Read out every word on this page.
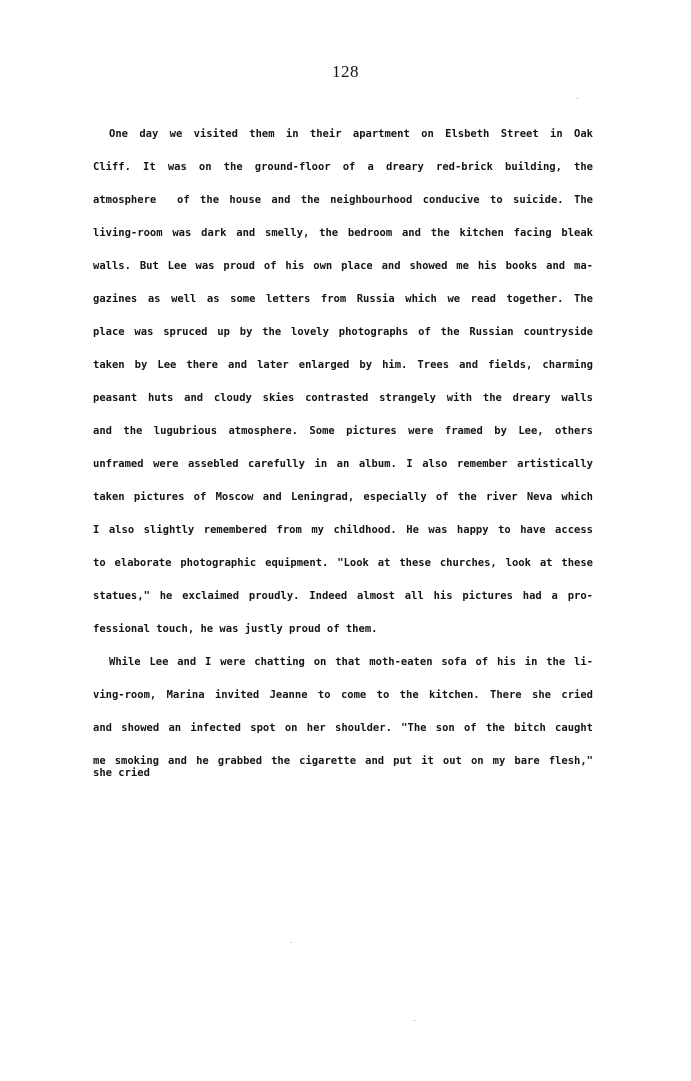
128
One day we visited them in their apartment on Elsbeth Street in Oak
Cliff. It was on the ground-floor of a dreary red-brick building, the
atmosphere  of the house and the neighbourhood conducive to suicide. The
living-room was dark and smelly, the bedroom and the kitchen facing bleak
walls. But Lee was proud of his own place and showed me his books and ma-
gazines as well as some letters from Russia which we read together. The
place was spruced up by the lovely photographs of the Russian countryside
taken by Lee there and later enlarged by him. Trees and fields, charming
peasant huts and cloudy skies contrasted strangely with the dreary walls
and the lugubrious atmosphere. Some pictures were framed by Lee, others
unframed were assebled carefully in an album. I also remember artistically
taken pictures of Moscow and Leningrad, especially of the river Neva which
I also slightly remembered from my childhood. He was happy to have access
to elaborate photographic equipment. "Look at these churches, look at these
statues," he exclaimed proudly. Indeed almost all his pictures had a pro-
fessional touch, he was justly proud of them.
While Lee and I were chatting on that moth-eaten sofa of his in the li-
ving-room, Marina invited Jeanne to come to the kitchen. There she cried
and showed an infected spot on her shoulder. "The son of the bitch caught
me smoking and he grabbed the cigarette and put it out on my bare flesh,"
she cried
